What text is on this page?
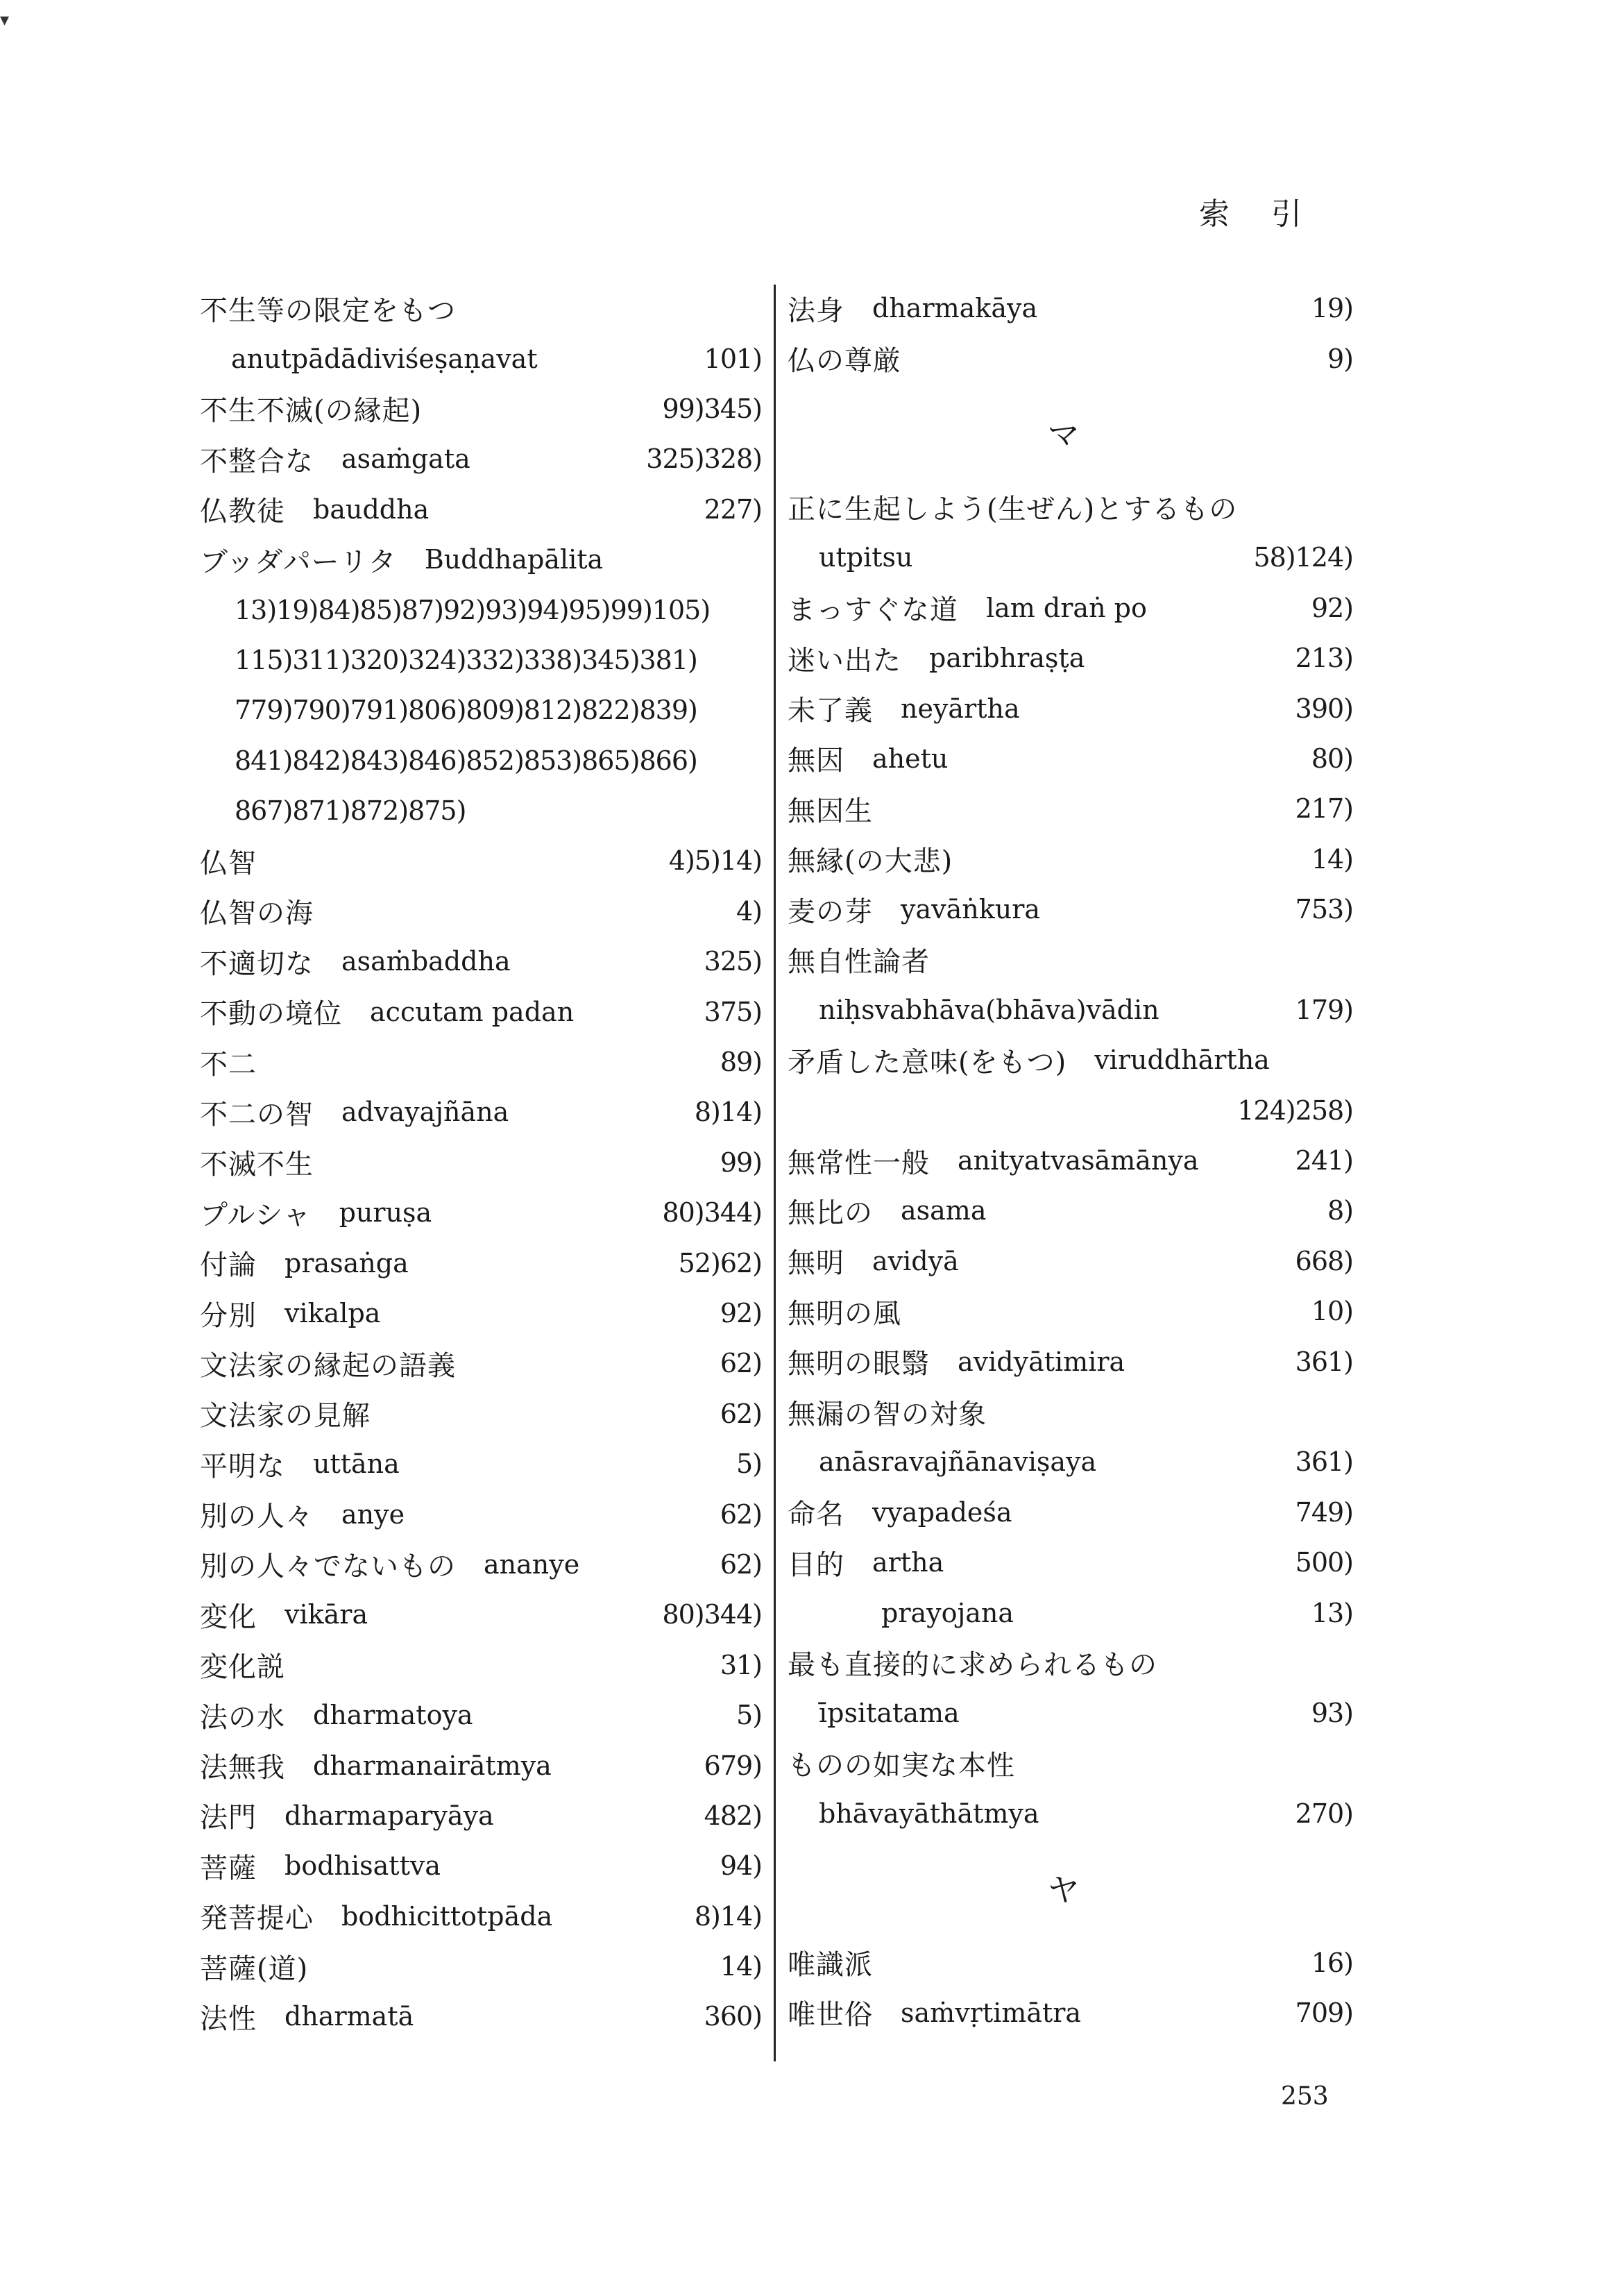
▾
索引
不生等の限定をもつ
anutpādādiviśeṣaṇavat	101)
不生不滅(の縁起)	99)345)
不整合な asaṁgata	325)328)
仏教徒 bauddha	227)
ブッダパーリタ Buddhapālita
13)19)84)85)87)92)93)94)95)99)105)
115)311)320)324)332)338)345)381)
779)790)791)806)809)812)822)839)
841)842)843)846)852)853)865)866)
867)871)872)875)
仏智	4)5)14)
仏智の海	4)
不適切な asaṁbaddha	325)
不動の境位 accutam padan	375)
不二	89)
不二の智 advayajñāna	8)14)
不滅不生	99)
プルシャ puruṣa	80)344)
付論 prasaṅga	52)62)
分別 vikalpa	92)
文法家の縁起の語義	62)
文法家の見解	62)
平明な uttāna	5)
別の人々 anye	62)
別の人々でないもの ananye	62)
変化 vikāra	80)344)
変化説	31)
法の水 dharmatoya	5)
法無我 dharmanairātmya	679)
法門 dharmaparyāya	482)
菩薩 bodhisattva	94)
発菩提心 bodhicittotpāda	8)14)
菩薩(道)	14)
法性 dharmatā	360)
法身 dharmakāya	19)
仏の尊厳	9)
マ
正に生起しよう(生ぜん)とするもの
utpitsu	58)124)
まっすぐな道 lam draṅ po	92)
迷い出た paribhraṣṭa	213)
未了義 neyārtha	390)
無因 ahetu	80)
無因生	217)
無縁(の大悲)	14)
麦の芽 yavāṅkura	753)
無自性論者
niḥsvabhāva(bhāva)vādin	179)
矛盾した意味(をもつ) viruddhārtha
124)258)
無常性一般 anityatvasāmānya	241)
無比の asama	8)
無明 avidyā	668)
無明の風	10)
無明の眼翳 avidyātimira	361)
無漏の智の対象
anāsravajñānaviṣaya	361)
命名 vyapadeśa	749)
目的 artha	500)
prayojana	13)
最も直接的に求められるもの
īpsitatama	93)
ものの如実な本性
bhāvayāthātmya	270)
ヤ
唯識派	16)
唯世俗 saṁvṛtimātra	709)
253
